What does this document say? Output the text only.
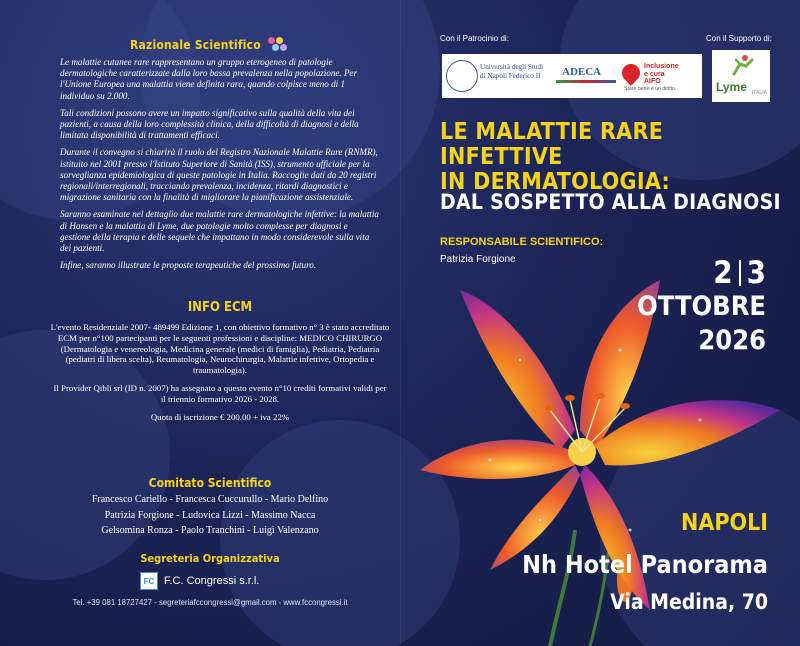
Razionale Scientifico

Le malattie cutanee rare rappresentano un gruppo eterogeneo di patologie dermatologiche caratterizzate dalla loro bassa prevalenza nella popolazione. Per l'Unione Europea una malattia viene definita rara, quando colpisce meno di 1 individuo su 2.000.

Tali condizioni possono avere un impatto significativo sulla qualità della vita dei pazienti, a causa della loro complessità clinica, della difficoltà di diagnosi e della limitata disponibilità di trattamenti efficaci.

Durante il convegno si chiarirà il ruolo del Registro Nazionale Malattie Rare (RNMR), istituito nel 2001 presso l'Istituto Superiore di Sanità (ISS), strumento ufficiale per la sorveglianza epidemiologica di queste patologie in Italia. Raccoglie dati da 20 registri regionali/interregionali, tracciando prevalenza, incidenza, ritardi diagnostici e migrazione sanitaria con la finalità di migliorare la pianificazione assistenziale.

Saranno esaminate nel dettaglio due malattie rare dermatologiche infettive: la malattia di Hansen e la malattia di Lyme, due patologie molto complesse per diagnosi e gestione della terapia e delle sequele che impattano in modo considerevole sulla vita dei pazienti.

Infine, saranno illustrate le proposte terapeutiche del prossimo futuro.

INFO ECM

L'evento Residenziale 2007- 489499 Edizione 1, con obiettivo formativo n° 3 è stato accreditato ECM per n°100 partecipanti per le seguenti professioni e discipline: MEDICO CHIRURGO (Dermatologia e venereologia, Medicina generale (medici di famiglia), Pediatria, Pediatria (pediatri di libera scelta), Reumatologia, Neurochirurgia, Malattie infettive, Ortopedia e traumatologia).

Il Provider Qibli srl (ID n. 2007) ha assegnato a questo evento n°10 crediti formativi validi per il triennio formativo 2026 - 2028.

Quota di iscrizione € 200.00 + iva 22%

Comitato Scientifico
Francesco Cariello - Francesca Cuccurullo - Mario Delfino
Patrizia Forgione - Ludovica Lizzi - Massimo Nacca
Gelsomina Ronza - Paolo Tranchini - Luigi Valenzano
Segreteria Organizzativa
FC F.C. Congressi s.r.l.
Tel. +39 081 18727427 - segreteriafccongressi@gmail.com - www.fccongressi.it
Con il Patrocinio di:	Con il Supporto di:
Università degli Studi
di Napoli Federico II ADECA	Inclusione
e cura
AIFO
Stare bene è un diritto.	Lyme ITALIA
LE MALATTIE RARE INFETTIVE
IN DERMATOLOGIA:
DAL SOSPETTO ALLA DIAGNOSI
RESPONSABILE SCIENTIFICO:
Patrizia Forgione	2 3
OTTOBRE
2026
NAPOLI
Nh Hotel Panorama
Via Medina, 70
